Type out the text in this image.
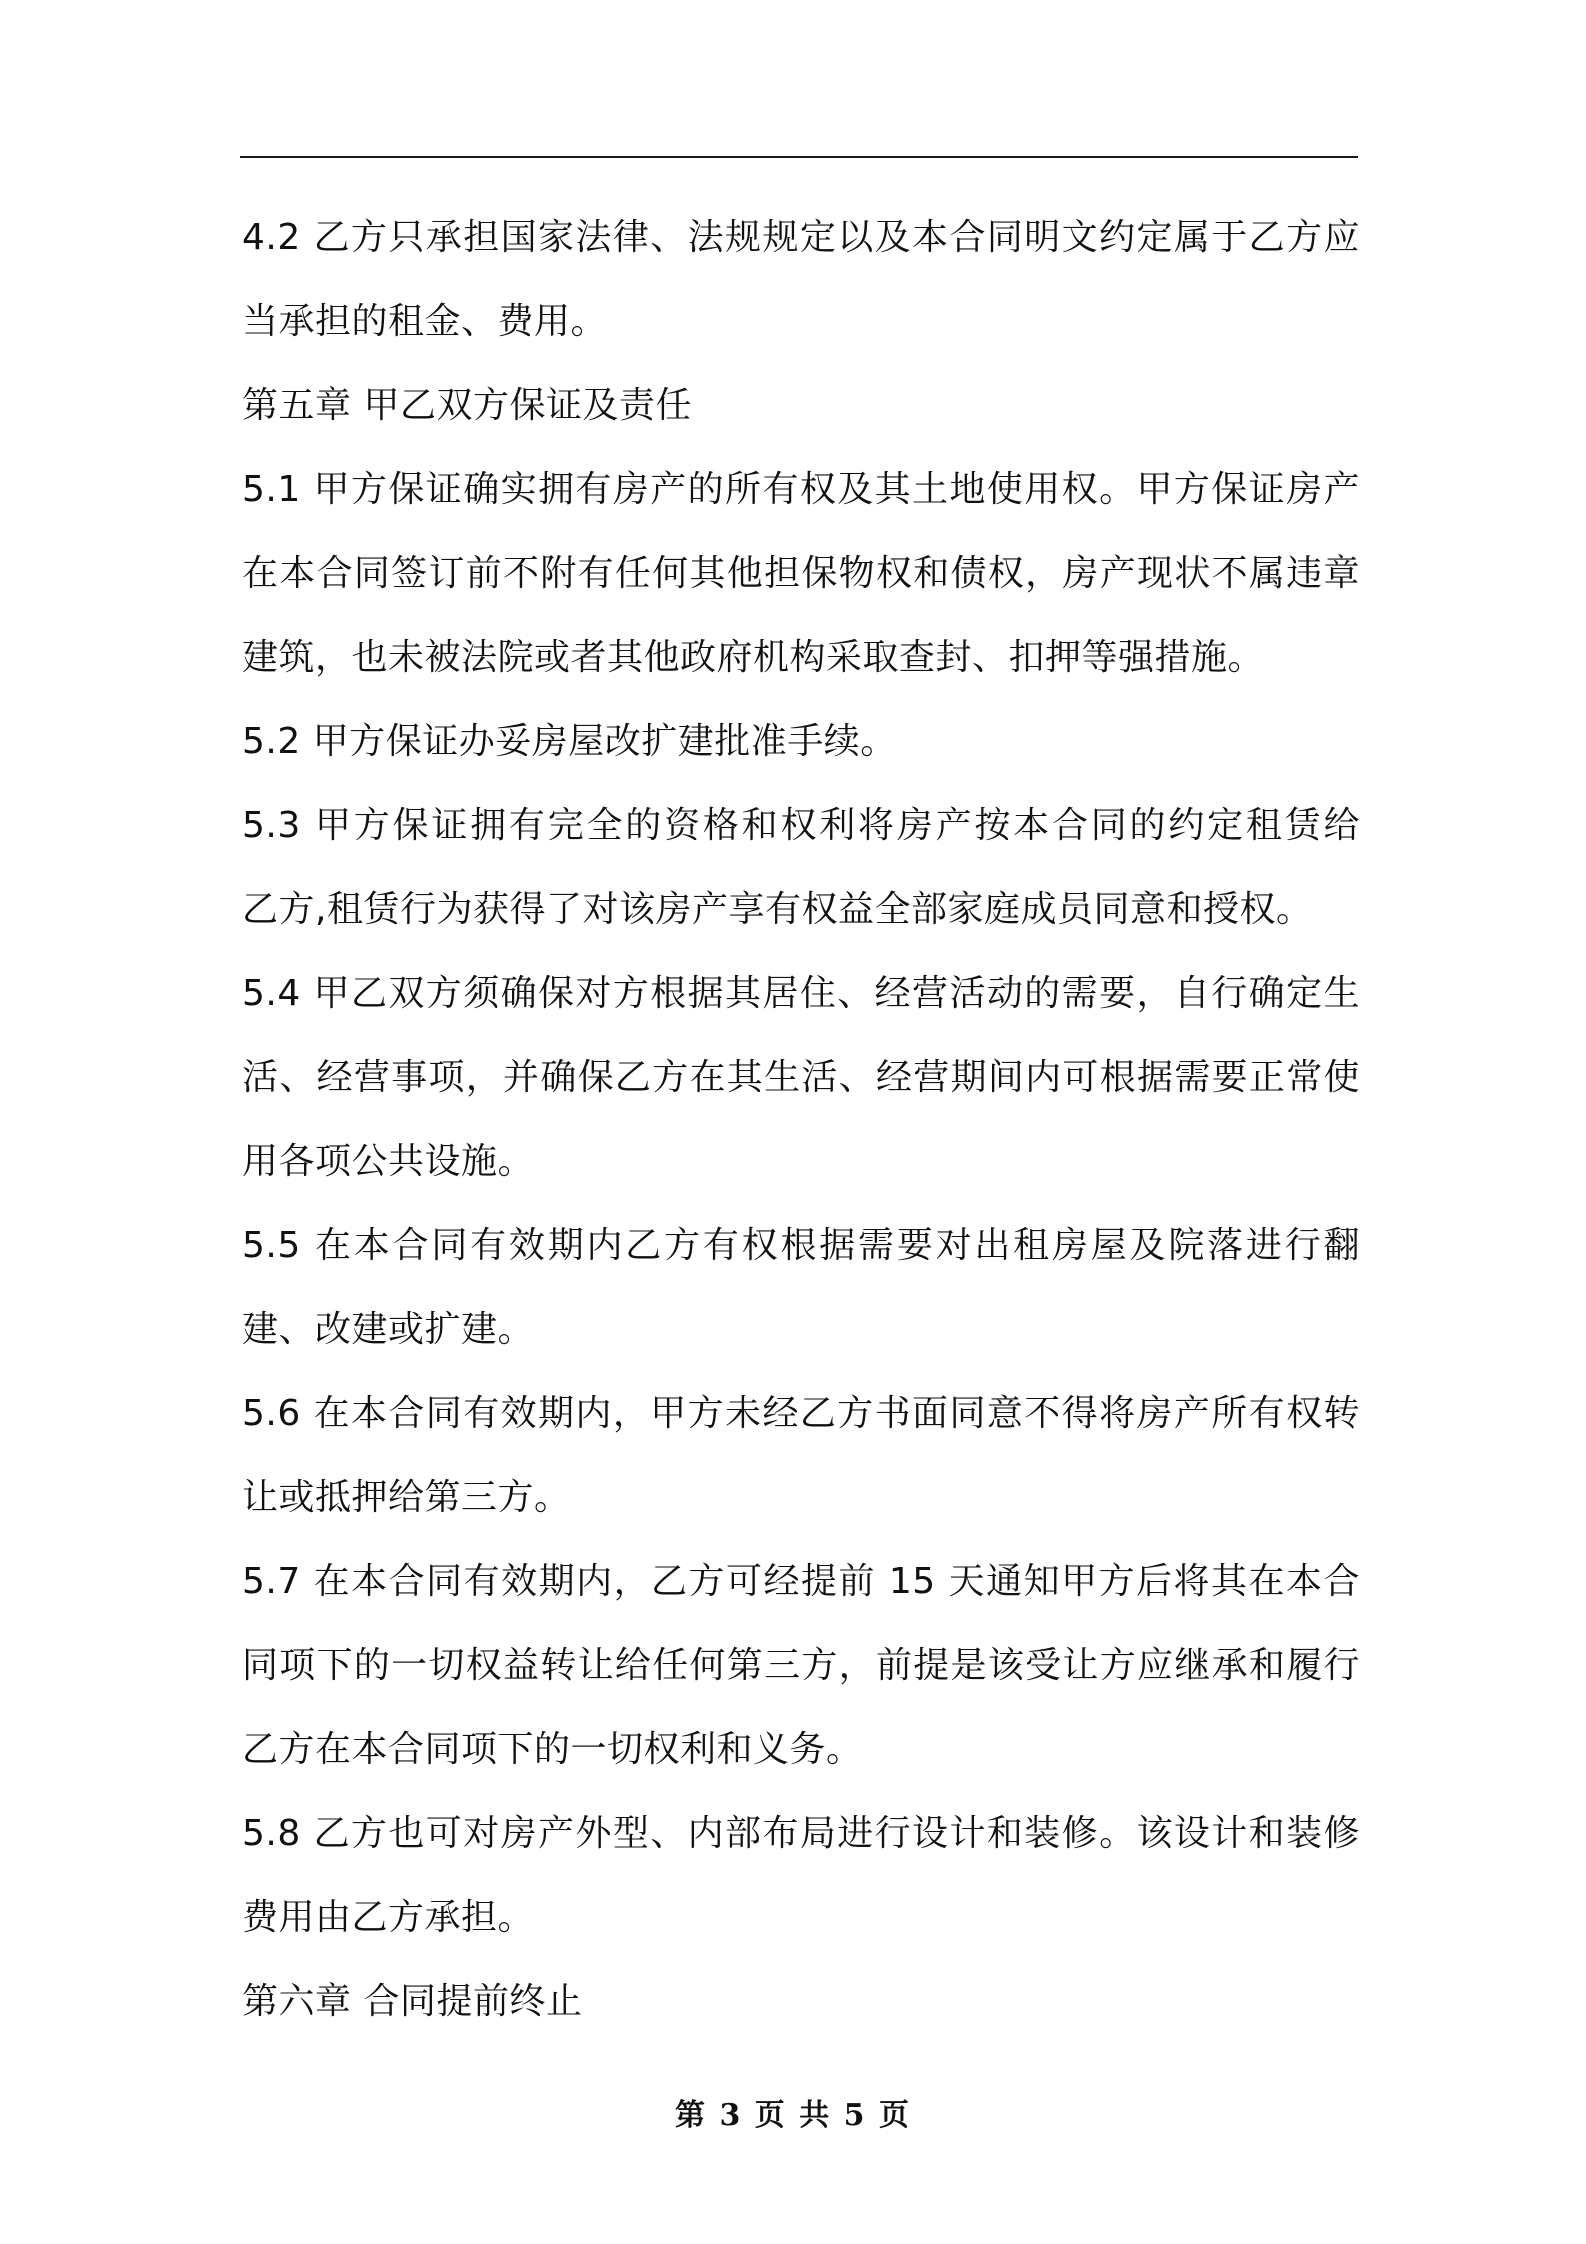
4.2 乙方只承担国家法律、法规规定以及本合同明文约定属于乙方应
当承担的租金、费用。
第五章 甲乙双方保证及责任
5.1 甲方保证确实拥有房产的所有权及其土地使用权。甲方保证房产
在本合同签订前不附有任何其他担保物权和债权，房产现状不属违章
建筑，也未被法院或者其他政府机构采取查封、扣押等强措施。
5.2 甲方保证办妥房屋改扩建批准手续。
5.3 甲方保证拥有完全的资格和权利将房产按本合同的约定租赁给
乙方,租赁行为获得了对该房产享有权益全部家庭成员同意和授权。
5.4 甲乙双方须确保对方根据其居住、经营活动的需要，自行确定生
活、经营事项，并确保乙方在其生活、经营期间内可根据需要正常使
用各项公共设施。
5.5 在本合同有效期内乙方有权根据需要对出租房屋及院落进行翻
建、改建或扩建。
5.6 在本合同有效期内，甲方未经乙方书面同意不得将房产所有权转
让或抵押给第三方。
5.7 在本合同有效期内，乙方可经提前 15 天通知甲方后将其在本合
同项下的一切权益转让给任何第三方，前提是该受让方应继承和履行
乙方在本合同项下的一切权利和义务。
5.8 乙方也可对房产外型、内部布局进行设计和装修。该设计和装修
费用由乙方承担。
第六章 合同提前终止
第 3 页 共 5 页
